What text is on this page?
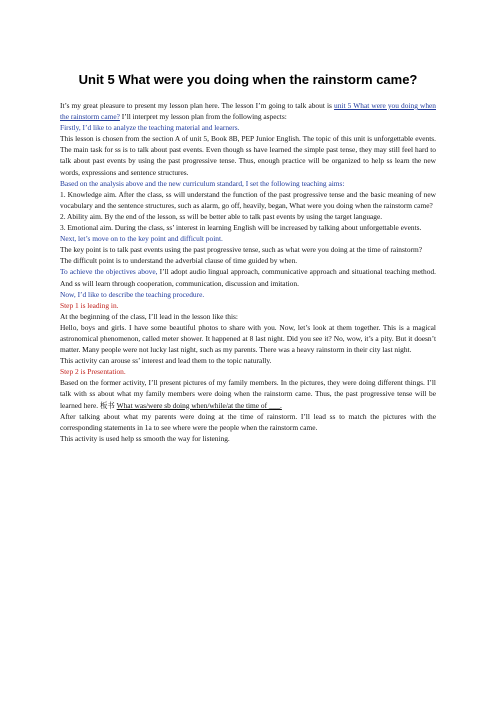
Unit 5 What were you doing when the rainstorm came?

It’s my great pleasure to present my lesson plan here. The lesson I’m going to talk about is unit 5 What were you doing when the rainstorm came? I’ll interpret my lesson plan from the following aspects:

Firstly, I’d like to analyze the teaching material and learners.

This lesson is chosen from the section A of unit 5, Book 8B, PEP Junior English. The topic of this unit is unforgettable events. The main task for ss is to talk about past events. Even though ss have learned the simple past tense, they may still feel hard to talk about past events by using the past progressive tense. Thus, enough practice will be organized to help ss learn the new words, expressions and sentence structures.

Based on the analysis above and the new curriculum standard, I set the following teaching aims:

1. Knowledge aim. After the class, ss will understand the function of the past progressive tense and the basic meaning of new vocabulary and the sentence structures, such as alarm, go off, heavily, began, What were you doing when the rainstorm came?

2. Ability aim. By the end of the lesson, ss will be better able to talk past events by using the target language.

3. Emotional aim. During the class, ss’ interest in learning English will be increased by talking about unforgettable events.

Next, let’s move on to the key point and difficult point.

The key point is to talk past events using the past progressive tense, such as what were you doing at the time of rainstorm?

The difficult point is to understand the adverbial clause of time guided by when.

To achieve the objectives above, I’ll adopt audio lingual approach, communicative approach and situational teaching method. And ss will learn through cooperation, communication, discussion and imitation.

Now, I’d like to describe the teaching procedure.

Step 1 is leading in.

At the beginning of the class, I’ll lead in the lesson like this:

Hello, boys and girls. I have some beautiful photos to share with you. Now, let’s look at them together. This is a magical astronomical phenomenon, called meter shower. It happened at 8 last night. Did you see it? No, wow, it’s a pity. But it doesn’t matter. Many people were not lucky last night, such as my parents. There was a heavy rainstorm in their city last night.

This activity can arouse ss’ interest and lead them to the topic naturally.

Step 2 is Presentation.

Based on the former activity, I’ll present pictures of my family members. In the pictures, they were doing different things. I’ll talk with ss about what my family members were doing when the rainstorm came. Thus, the past progressive tense will be learned here. 板书 What was/were sb doing when/while/at the time of ___.

After talking about what my parents were doing at the time of rainstorm. I’ll lead ss to match the pictures with the corresponding statements in 1a to see where were the people when the rainstorm came.

This activity is used help ss smooth the way for listening.
